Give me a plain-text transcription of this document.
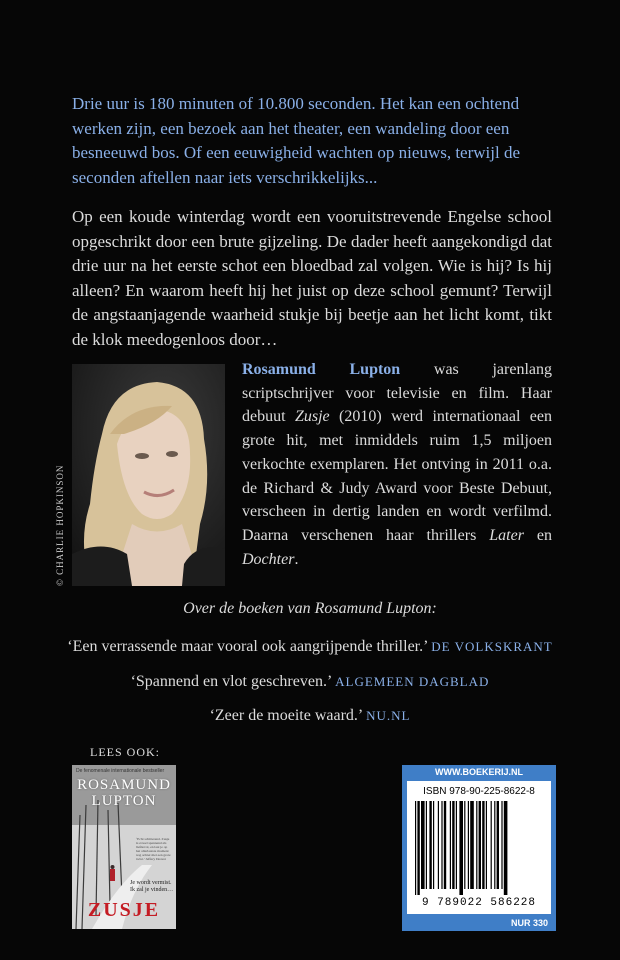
Drie uur is 180 minuten of 10.800 seconden. Het kan een ochtend werken zijn, een bezoek aan het theater, een wandeling door een besneeuwd bos. Of een eeuwigheid wachten op nieuws, terwijl de seconden aftellen naar iets verschrikkelijks...
Op een koude winterdag wordt een vooruitstrevende Engelse school opgeschrikt door een brute gijzeling. De dader heeft aangekondigd dat drie uur na het eerste schot een bloedbad zal volgen. Wie is hij? Is hij alleen? En waarom heeft hij het juist op deze school gemunt? Terwijl de angstaanjagende waarheid stukje bij beetje aan het licht komt, tikt de klok meedogenloos door…
© CHARLIE HOPKINSON
Rosamund Lupton was jarenlang scriptschrijver voor televisie en film. Haar debuut Zusje (2010) werd internationaal een grote hit, met inmiddels ruim 1,5 miljoen verkochte exemplaren. Het ontving in 2011 o.a. de Richard & Judy Award voor Beste Debuut, verscheen in dertig landen en wordt verfilmd. Daarna verschenen haar thrillers Later en Dochter.
Over de boeken van Rosamund Lupton:
‘Een verrassende maar vooral ook aangrijpende thriller.’ DE VOLKSKRANT
‘Spannend en vlot geschreven.’ ALGEMEEN DAGBLAD
‘Zeer de moeite waard.’ NU.NL
LEES OOK:
De fenomenale internationale bestseller
ROSAMUND
LUPTON
‘Echt schitterend. Zusje is zowel spannend als liefdevol, en laat je op het allerlaatste moment nog achter met een grote twist.’ Jeffery Deaver
Je wordt vermist. Ik zal je vinden…
ZUSJE
WWW.BOEKERIJ.NL
ISBN 978-90-225-8622-8
9 789022 586228
NUR 330
